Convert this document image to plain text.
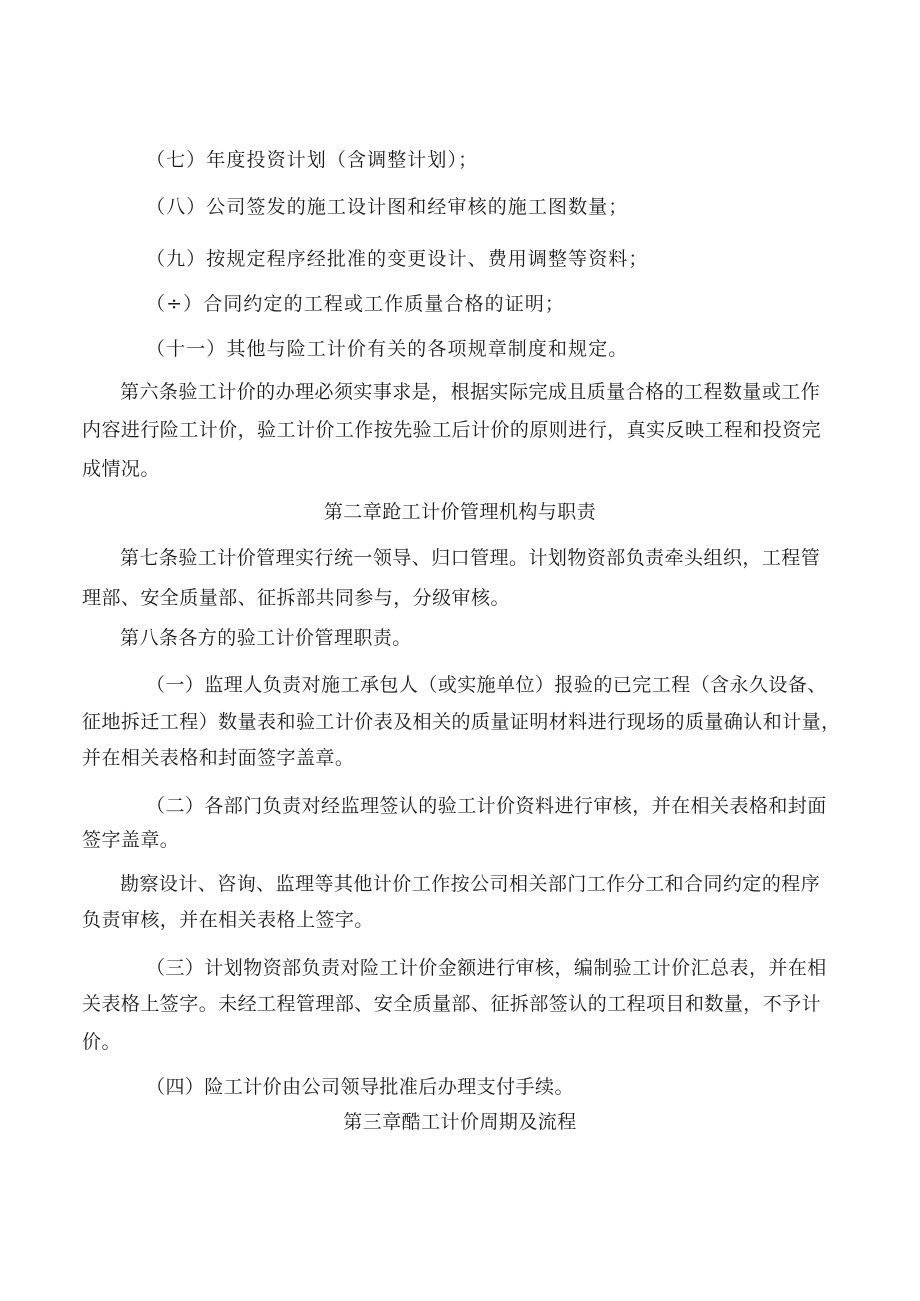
（七）年度投资计划（含调整计划）；

（八）公司签发的施工设计图和经审核的施工图数量；

（九）按规定程序经批准的变更设计、费用调整等资料；

（÷）合同约定的工程或工作质量合格的证明；

（十一）其他与险工计价有关的各项规章制度和规定。

第六条验工计价的办理必须实事求是，根据实际完成且质量合格的工程数量或工作

内容进行险工计价，验工计价工作按先验工后计价的原则进行，真实反映工程和投资完

成情况。

第二章跄工计价管理机构与职责

第七条验工计价管理实行统一领导、归口管理。计划物资部负责牵头组织，工程管

理部、安全质量部、征拆部共同参与，分级审核。

第八条各方的验工计价管理职责。

（一）监理人负责对施工承包人（或实施单位）报验的已完工程（含永久设备、

征地拆迁工程）数量表和验工计价表及相关的质量证明材料进行现场的质量确认和计量，

并在相关表格和封面签字盖章。

（二）各部门负责对经监理签认的验工计价资料进行审核，并在相关表格和封面

签字盖章。

勘察设计、咨询、监理等其他计价工作按公司相关部门工作分工和合同约定的程序

负责审核，并在相关表格上签字。

（三）计划物资部负责对险工计价金额进行审核，编制验工计价汇总表，并在相

关表格上签字。未经工程管理部、安全质量部、征拆部签认的工程项目和数量，不予计

价。

（四）险工计价由公司领导批准后办理支付手续。

第三章酷工计价周期及流程
